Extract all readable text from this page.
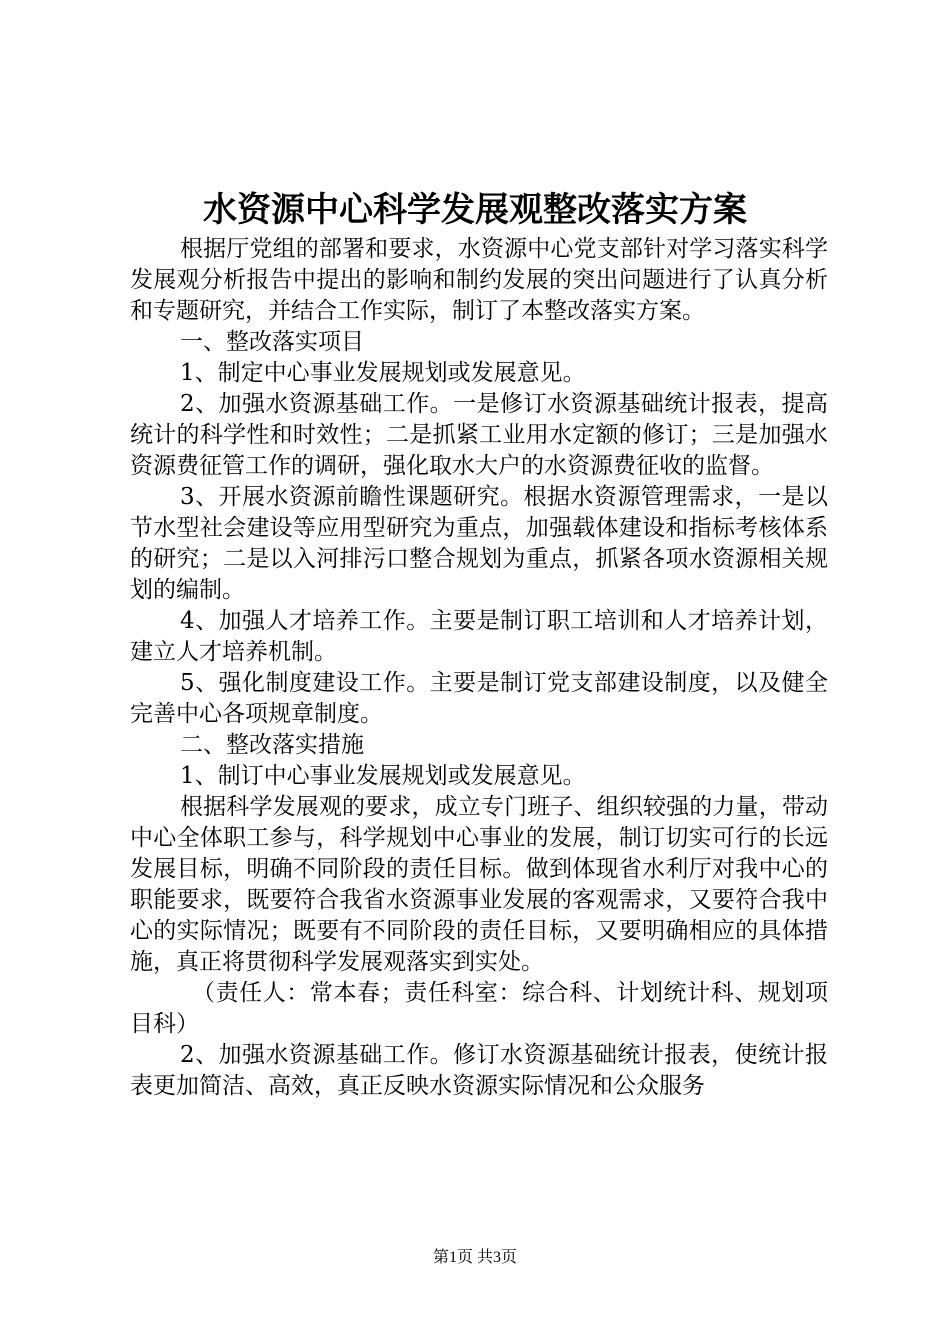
水资源中心科学发展观整改落实方案

根据厅党组的部署和要求，水资源中心党支部针对学习落实科学发展观分析报告中提出的影响和制约发展的突出问题进行了认真分析和专题研究，并结合工作实际，制订了本整改落实方案。

一、整改落实项目

1、制定中心事业发展规划或发展意见。

2、加强水资源基础工作。一是修订水资源基础统计报表，提高统计的科学性和时效性；二是抓紧工业用水定额的修订；三是加强水资源费征管工作的调研，强化取水大户的水资源费征收的监督。

3、开展水资源前瞻性课题研究。根据水资源管理需求，一是以节水型社会建设等应用型研究为重点，加强载体建设和指标考核体系的研究；二是以入河排污口整合规划为重点，抓紧各项水资源相关规划的编制。

4、加强人才培养工作。主要是制订职工培训和人才培养计划，建立人才培养机制。

5、强化制度建设工作。主要是制订党支部建设制度，以及健全完善中心各项规章制度。

二、整改落实措施

1、制订中心事业发展规划或发展意见。

根据科学发展观的要求，成立专门班子、组织较强的力量，带动中心全体职工参与，科学规划中心事业的发展，制订切实可行的长远发展目标，明确不同阶段的责任目标。做到体现省水利厅对我中心的职能要求，既要符合我省水资源事业发展的客观需求，又要符合我中心的实际情况；既要有不同阶段的责任目标，又要明确相应的具体措施，真正将贯彻科学发展观落实到实处。

（责任人：常本春；责任科室：综合科、计划统计科、规划项目科）

2、加强水资源基础工作。修订水资源基础统计报表，使统计报表更加简洁、高效，真正反映水资源实际情况和公众服务

第1页 共3页
